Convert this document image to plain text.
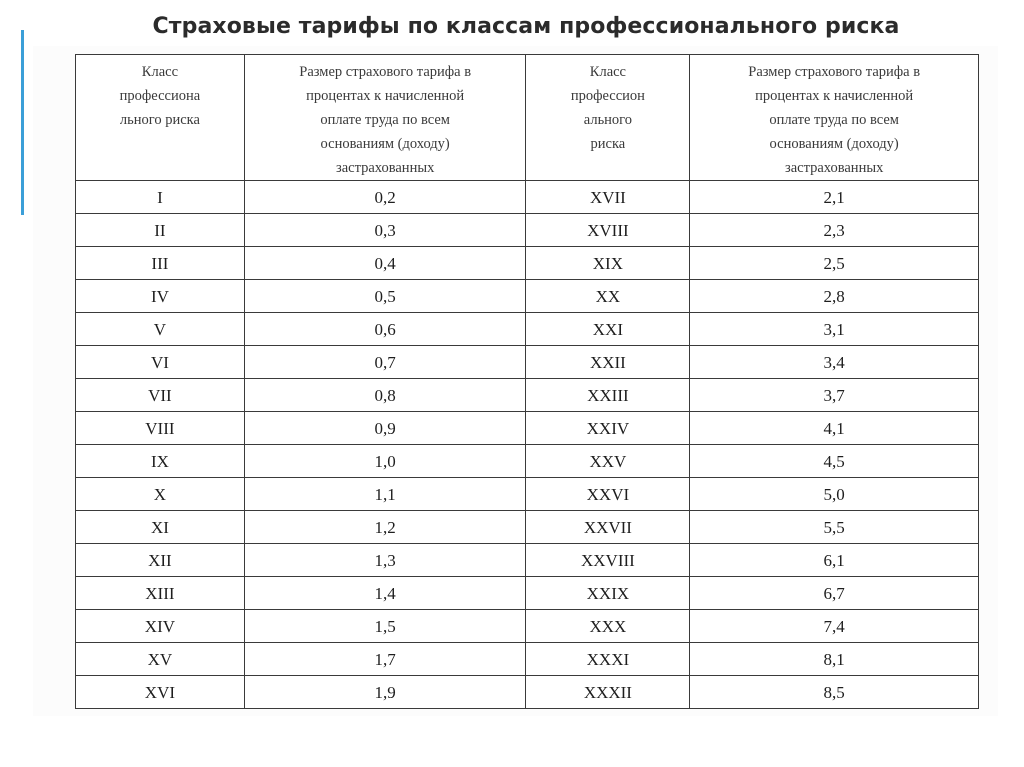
Страховые тарифы по классам профессионального риска
Класс
профессиона
льного риска	Размер страхового тарифа в
процентах к начисленной
оплате труда по всем
основаниям (доходу)
застрахованных	Класс
профессион
ального
риска	Размер страхового тарифа в
процентах к начисленной
оплате труда по всем
основаниям (доходу)
застрахованных
I	0,2	XVII	2,1
II	0,3	XVIII	2,3
III	0,4	XIX	2,5
IV	0,5	XX	2,8
V	0,6	XXI	3,1
VI	0,7	XXII	3,4
VII	0,8	XXIII	3,7
VIII	0,9	XXIV	4,1
IX	1,0	XXV	4,5
X	1,1	XXVI	5,0
XI	1,2	XXVII	5,5
XII	1,3	XXVIII	6,1
XIII	1,4	XXIX	6,7
XIV	1,5	XXX	7,4
XV	1,7	XXXI	8,1
XVI	1,9	XXXII	8,5
